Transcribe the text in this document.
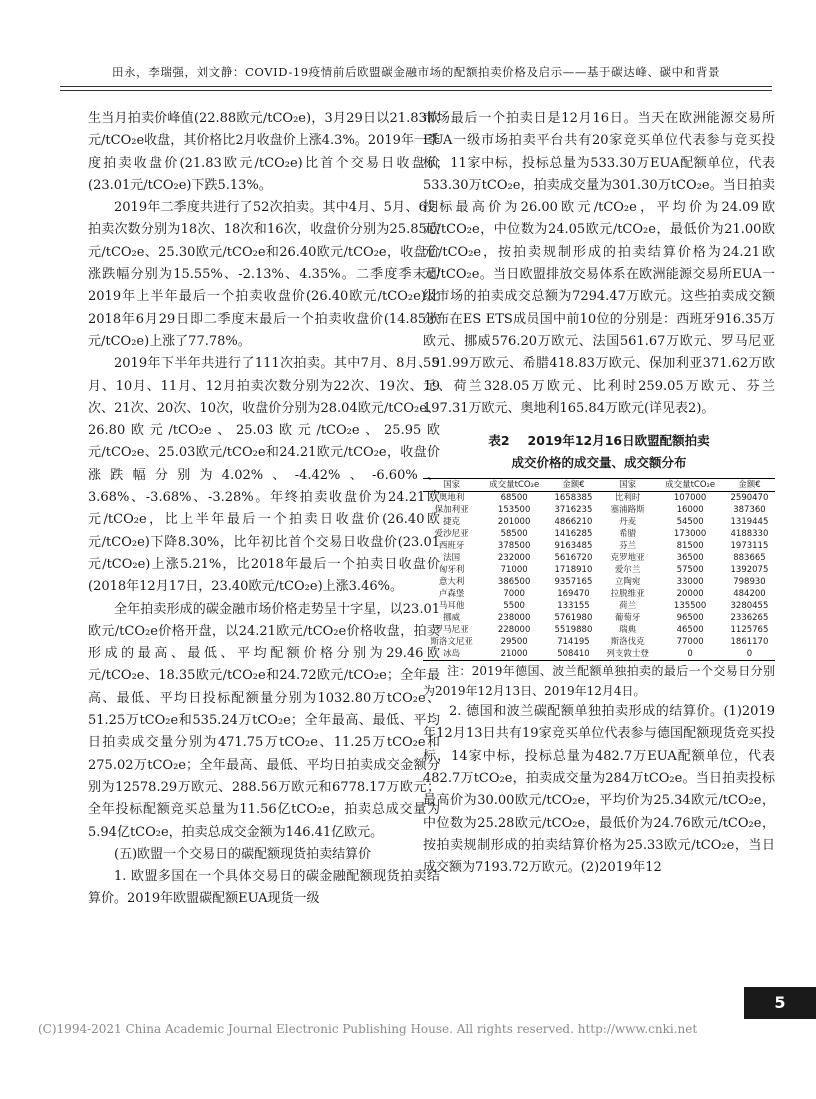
田永，李瑞强，刘文静：COVID-19疫情前后欧盟碳金融市场的配额拍卖价格及启示——基于碳达峰、碳中和背景

生当月拍卖价峰值(22.88欧元/tCO₂e)，3月29日以21.83欧元/tCO₂e收盘，其价格比2月收盘价上涨4.3%。2019年一季度拍卖收盘价(21.83欧元/tCO₂e)比首个交易日收盘价(23.01元/tCO₂e)下跌5.13%。

2019年二季度共进行了52次拍卖。其中4月、5月、6月拍卖次数分别为18次、18次和16次，收盘价分别为25.85欧元/tCO₂e、25.30欧元/tCO₂e和26.40欧元/tCO₂e，收盘价涨跌幅分别为15.55%、-2.13%、4.35%。二季度季末即2019年上半年最后一个拍卖收盘价(26.40欧元/tCO₂e)比2018年6月29日即二季度末最后一个拍卖收盘价(14.85欧元/tCO₂e)上涨了77.78%。

2019年下半年共进行了111次拍卖。其中7月、8月、9月、10月、11月、12月拍卖次数分别为22次、19次、19次、21次、20次、10次，收盘价分别为28.04欧元/tCO₂e、26.80欧元/tCO₂e、25.03欧元/tCO₂e、25.95欧元/tCO₂e、25.03欧元/tCO₂e和24.21欧元/tCO₂e，收盘价涨跌幅分别为4.02%、-4.42%、-6.60%、3.68%、-3.68%、-3.28%。年终拍卖收盘价为24.21欧元/tCO₂e，比上半年最后一个拍卖日收盘价(26.40欧元/tCO₂e)下降8.30%，比年初比首个交易日收盘价(23.01元/tCO₂e)上涨5.21%，比2018年最后一个拍卖日收盘价(2018年12月17日，23.40欧元/tCO₂e)上涨3.46%。

全年拍卖形成的碳金融市场价格走势呈十字星，以23.01欧元/tCO₂e价格开盘，以24.21欧元/tCO₂e价格收盘，拍卖形成的最高、最低、平均配额价格分别为29.46欧元/tCO₂e、18.35欧元/tCO₂e和24.72欧元/tCO₂e；全年最高、最低、平均日投标配额量分别为1032.80万tCO₂e、51.25万tCO₂e和535.24万tCO₂e；全年最高、最低、平均日拍卖成交量分别为471.75万tCO₂e、11.25万tCO₂e和275.02万tCO₂e；全年最高、最低、平均日拍卖成交金额分别为12578.29万欧元、288.56万欧元和6778.17万欧元；全年投标配额竞买总量为11.56亿tCO₂e，拍卖总成交量为5.94亿tCO₂e，拍卖总成交金额为146.41亿欧元。

(五)欧盟一个交易日的碳配额现货拍卖结算价

1. 欧盟多国在一个具体交易日的碳金融配额现货拍卖结算价。2019年欧盟碳配额EUA现货一级

市场最后一个拍卖日是12月16日。当天在欧洲能源交易所EUA一级市场拍卖平台共有20家竞买单位代表参与竞买投标，11家中标，投标总量为533.30万EUA配额单位，代表533.30万tCO₂e，拍卖成交量为301.30万tCO₂e。当日拍卖投标最高价为26.00欧元/tCO₂e，平均价为24.09欧元/tCO₂e，中位数为24.05欧元/tCO₂e，最低价为21.00欧元/tCO₂e，按拍卖规制形成的拍卖结算价格为24.21欧元/tCO₂e。当日欧盟排放交易体系在欧洲能源交易所EUA一级市场的拍卖成交总额为7294.47万欧元。这些拍卖成交额分布在ES ETS成员国中前10位的分别是：西班牙916.35万欧元、挪威576.20万欧元、法国561.67万欧元、罗马尼亚551.99万欧元、希腊418.83万欧元、保加利亚371.62万欧元、荷兰328.05万欧元、比利时259.05万欧元、芬兰197.31万欧元、奥地利165.84万欧元(详见表2)。

表2 2019年12月16日欧盟配额拍卖
成交价格的成交量、成交额分布
国家	成交量tCO₂e	金额€	国家	成交量tCO₂e	金额€
奥地利	68500	1658385	比利时	107000	2590470
保加利亚	153500	3716235	塞浦路斯	16000	387360
捷克	201000	4866210	丹麦	54500	1319445
爱沙尼亚	58500	1416285	希腊	173000	4188330
西班牙	378500	9163485	芬兰	81500	1973115
法国	232000	5616720	克罗地亚	36500	883665
匈牙利	71000	1718910	爱尔兰	57500	1392075
意大利	386500	9357165	立陶宛	33000	798930
卢森堡	7000	169470	拉脱维亚	20000	484200
马耳他	5500	133155	荷兰	135500	3280455
挪威	238000	5761980	葡萄牙	96500	2336265
罗马尼亚	228000	5519880	瑞典	46500	1125765
斯洛文尼亚	29500	714195	斯洛伐克	77000	1861170
冰岛	21000	508410	列支敦士登	0	0

注：2019年德国、波兰配额单独拍卖的最后一个交易日分别为2019年12月13日、2019年12月4日。

2. 德国和波兰碳配额单独拍卖形成的结算价。(1)2019年12月13日共有19家竞买单位代表参与德国配额现货竞买投标，14家中标，投标总量为482.7万EUA配额单位，代表482.7万tCO₂e，拍卖成交量为284万tCO₂e。当日拍卖投标最高价为30.00欧元/tCO₂e，平均价为25.34欧元/tCO₂e，中位数为25.28欧元/tCO₂e，最低价为24.76欧元/tCO₂e，按拍卖规制形成的拍卖结算价格为25.33欧元/tCO₂e，当日成交额为7193.72万欧元。(2)2019年12

5
(C)1994-2021 China Academic Journal Electronic Publishing House. All rights reserved. http://www.cnki.net
